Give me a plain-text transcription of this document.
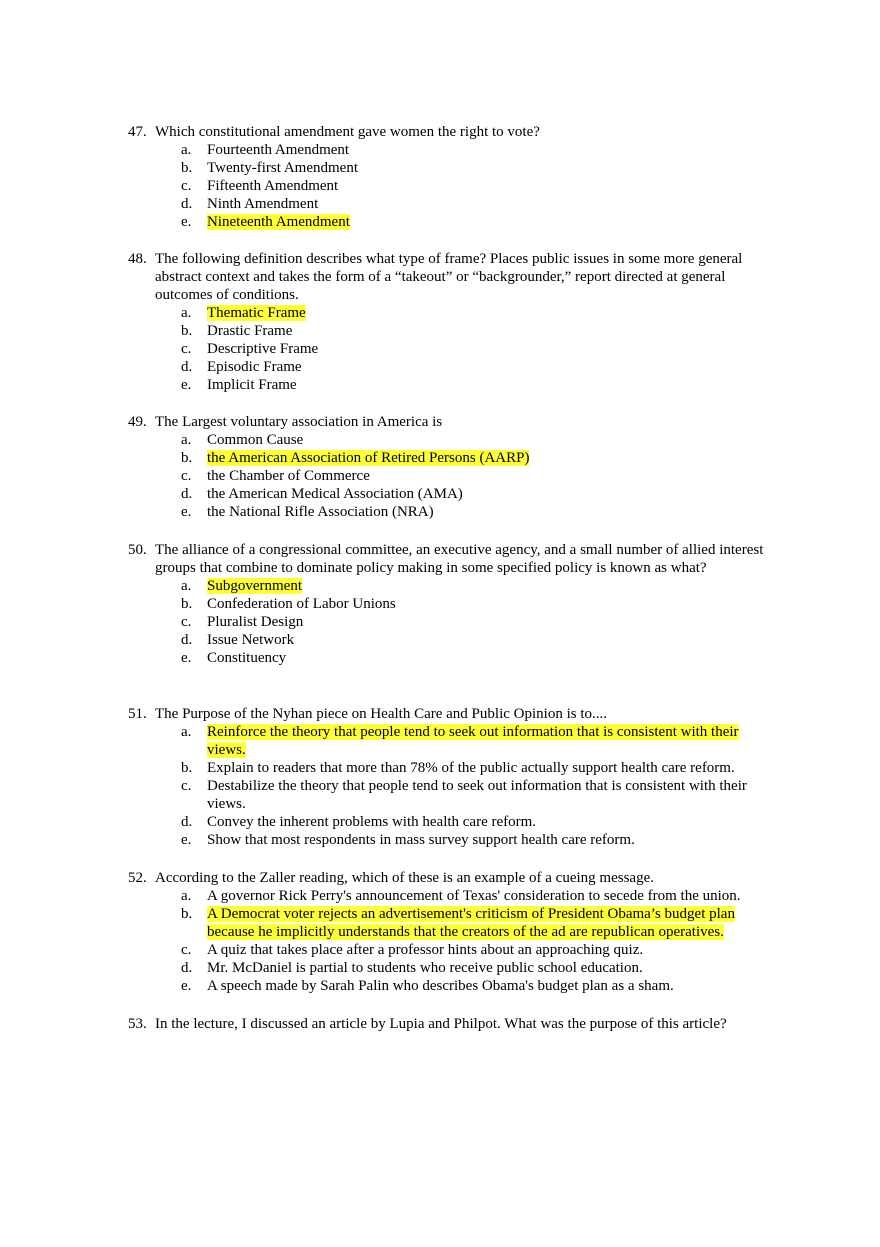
47. Which constitutional amendment gave women the right to vote?
a.	Fourteenth Amendment
b. Twenty-first Amendment
c.	Fifteenth Amendment
d. Ninth Amendment
e.	Nineteenth Amendment
48. The following definition describes what type of frame? Places public issues in some more general abstract context and takes the form of a “takeout” or “backgrounder,” report directed at general outcomes of conditions.
a.	Thematic Frame
b. Drastic Frame
c.	Descriptive Frame
d. Episodic Frame
e.	Implicit Frame
49. The Largest voluntary association in America is
a.	Common Cause
b. the American Association of Retired Persons (AARP)
c.	the Chamber of Commerce
d. the American Medical Association (AMA)
e.	the National Rifle Association (NRA)
50. The alliance of a congressional committee, an executive agency, and a small number of allied interest groups that combine to dominate policy making in some specified policy is known as what?
a.	Subgovernment
b. Confederation of Labor Unions
c.	Pluralist Design
d. Issue Network
e.	Constituency
51. The Purpose of the Nyhan piece on Health Care and Public Opinion is to....
a.	Reinforce the theory that people tend to seek out information that is consistent with their views.
b. Explain to readers that more than 78% of the public actually support health care reform.
c.	Destabilize the theory that people tend to seek out information that is consistent with their views.
d. Convey the inherent problems with health care reform.
e.	Show that most respondents in mass survey support health care reform.
52. According to the Zaller reading, which of these is an example of a cueing message.
a.	A governor Rick Perry's announcement of Texas' consideration to secede from the union.
b. A Democrat voter rejects an advertisement's criticism of President Obama’s budget plan because he implicitly understands that the creators of the ad are republican operatives.
c.	A quiz that takes place after a professor hints about an approaching quiz.
d. Mr. McDaniel is partial to students who receive public school education.
e.	A speech made by Sarah Palin who describes Obama's budget plan as a sham.
53. In the lecture, I discussed an article by Lupia and Philpot. What was the purpose of this article?
